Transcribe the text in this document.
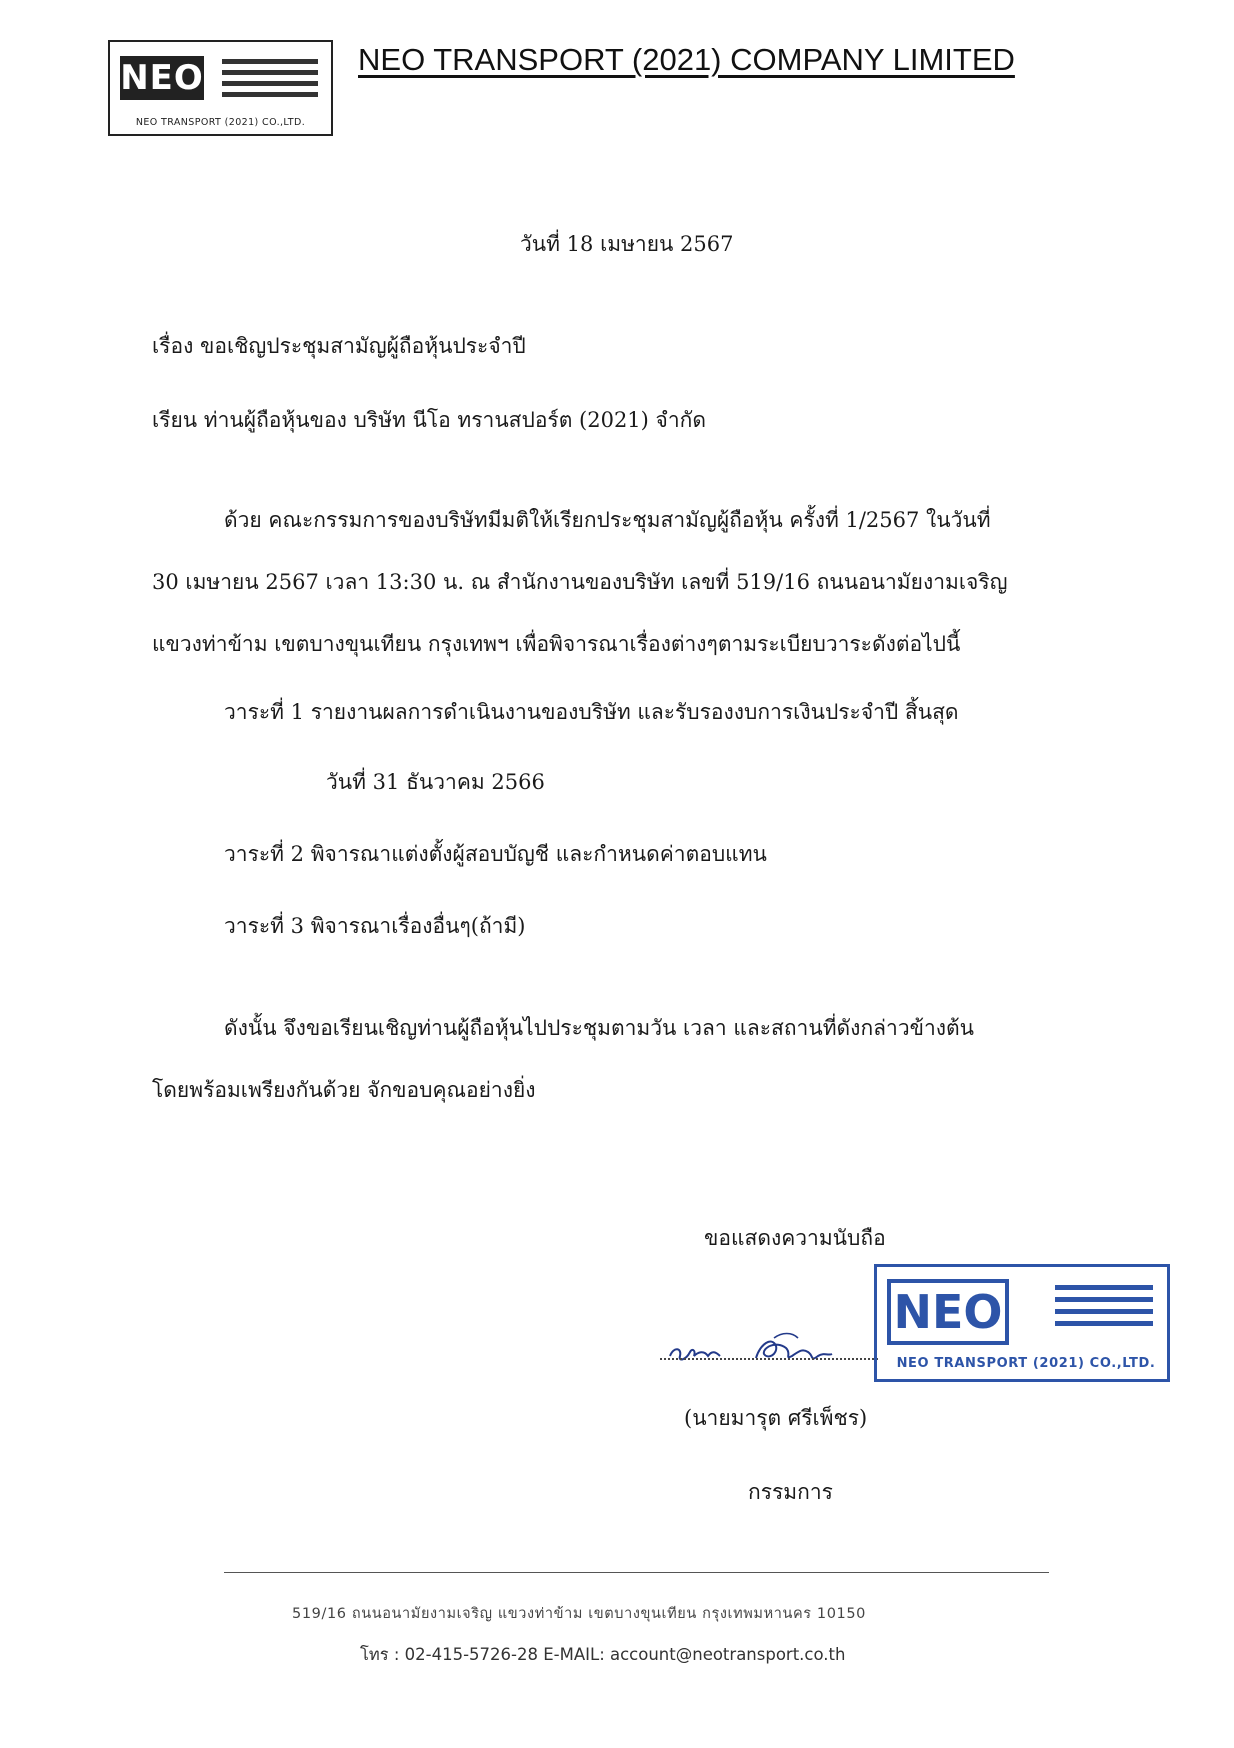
NEO
NEO TRANSPORT (2021) CO.,LTD.
NEO TRANSPORT (2021) COMPANY LIMITED
วันที่ 18 เมษายน 2567
เรื่อง ขอเชิญประชุมสามัญผู้ถือหุ้นประจำปี
เรียน ท่านผู้ถือหุ้นของ บริษัท นีโอ ทรานสปอร์ต (2021) จำกัด
ด้วย คณะกรรมการของบริษัทมีมติให้เรียกประชุมสามัญผู้ถือหุ้น ครั้งที่ 1/2567 ในวันที่
30 เมษายน 2567 เวลา 13:30 น. ณ สำนักงานของบริษัท เลขที่ 519/16 ถนนอนามัยงามเจริญ
แขวงท่าข้าม เขตบางขุนเทียน กรุงเทพฯ เพื่อพิจารณาเรื่องต่างๆตามระเบียบวาระดังต่อไปนี้
วาระที่ 1 รายงานผลการดำเนินงานของบริษัท และรับรองงบการเงินประจำปี สิ้นสุด
วันที่ 31 ธันวาคม 2566
วาระที่ 2 พิจารณาแต่งตั้งผู้สอบบัญชี และกำหนดค่าตอบแทน
วาระที่ 3 พิจารณาเรื่องอื่นๆ(ถ้ามี)
ดังนั้น จึงขอเรียนเชิญท่านผู้ถือหุ้นไปประชุมตามวัน เวลา และสถานที่ดังกล่าวข้างต้น
โดยพร้อมเพรียงกันด้วย จักขอบคุณอย่างยิ่ง
ขอแสดงความนับถือ
NEO
NEO TRANSPORT (2021) CO.,LTD.
(นายมารุต ศรีเพ็ชร)
กรรมการ
519/16 ถนนอนามัยงามเจริญ แขวงท่าข้าม เขตบางขุนเทียน กรุงเทพมหานคร 10150
โทร : 02-415-5726-28 E-MAIL: account@neotransport.co.th
